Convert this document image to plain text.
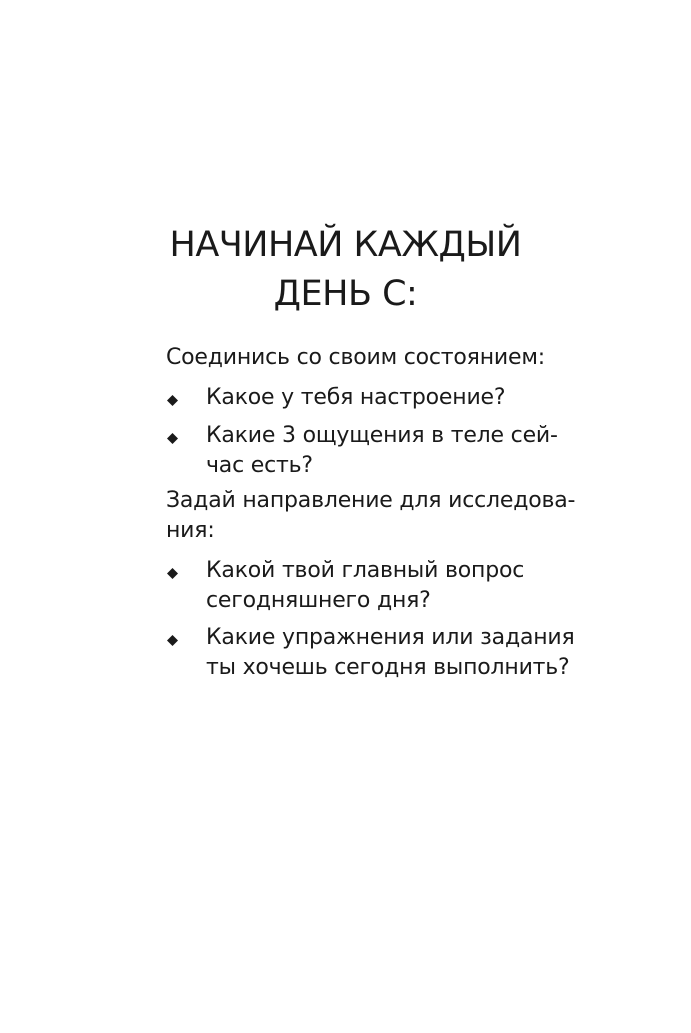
НАЧИНАЙ КАЖДЫЙ
ДЕНЬ С:
Соединись со своим состоянием:
Какое у тебя настроение?
Какие 3 ощущения в теле сей-
час есть?
Задай направление для исследова-
ния:
Какой твой главный вопрос
сегодняшнего дня?
Какие упражнения или задания
ты хочешь сегодня выполнить?
